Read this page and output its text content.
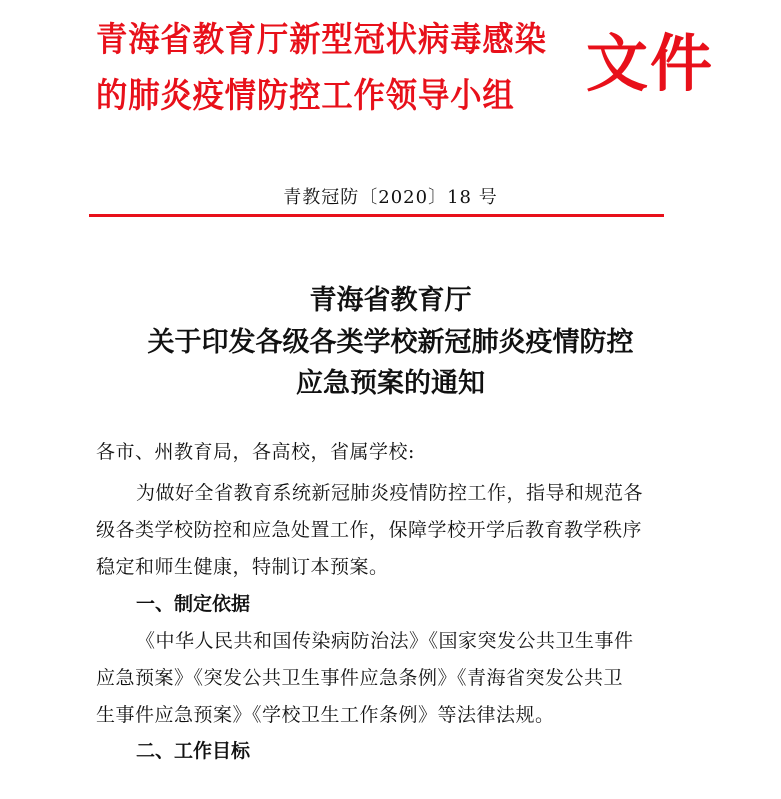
青海省教育厅新型冠状病毒感染
的肺炎疫情防控工作领导小组 文件
青教冠防〔2020〕18 号
青海省教育厅
关于印发各级各类学校新冠肺炎疫情防控
应急预案的通知
各市、州教育局，各高校，省属学校:
为做好全省教育系统新冠肺炎疫情防控工作，指导和规范各
级各类学校防控和应急处置工作，保障学校开学后教育教学秩序
稳定和师生健康，特制订本预案。
一、制定依据
《中华人民共和国传染病防治法》《国家突发公共卫生事件
应急预案》《突发公共卫生事件应急条例》《青海省突发公共卫
生事件应急预案》《学校卫生工作条例》等法律法规。
二、工作目标
